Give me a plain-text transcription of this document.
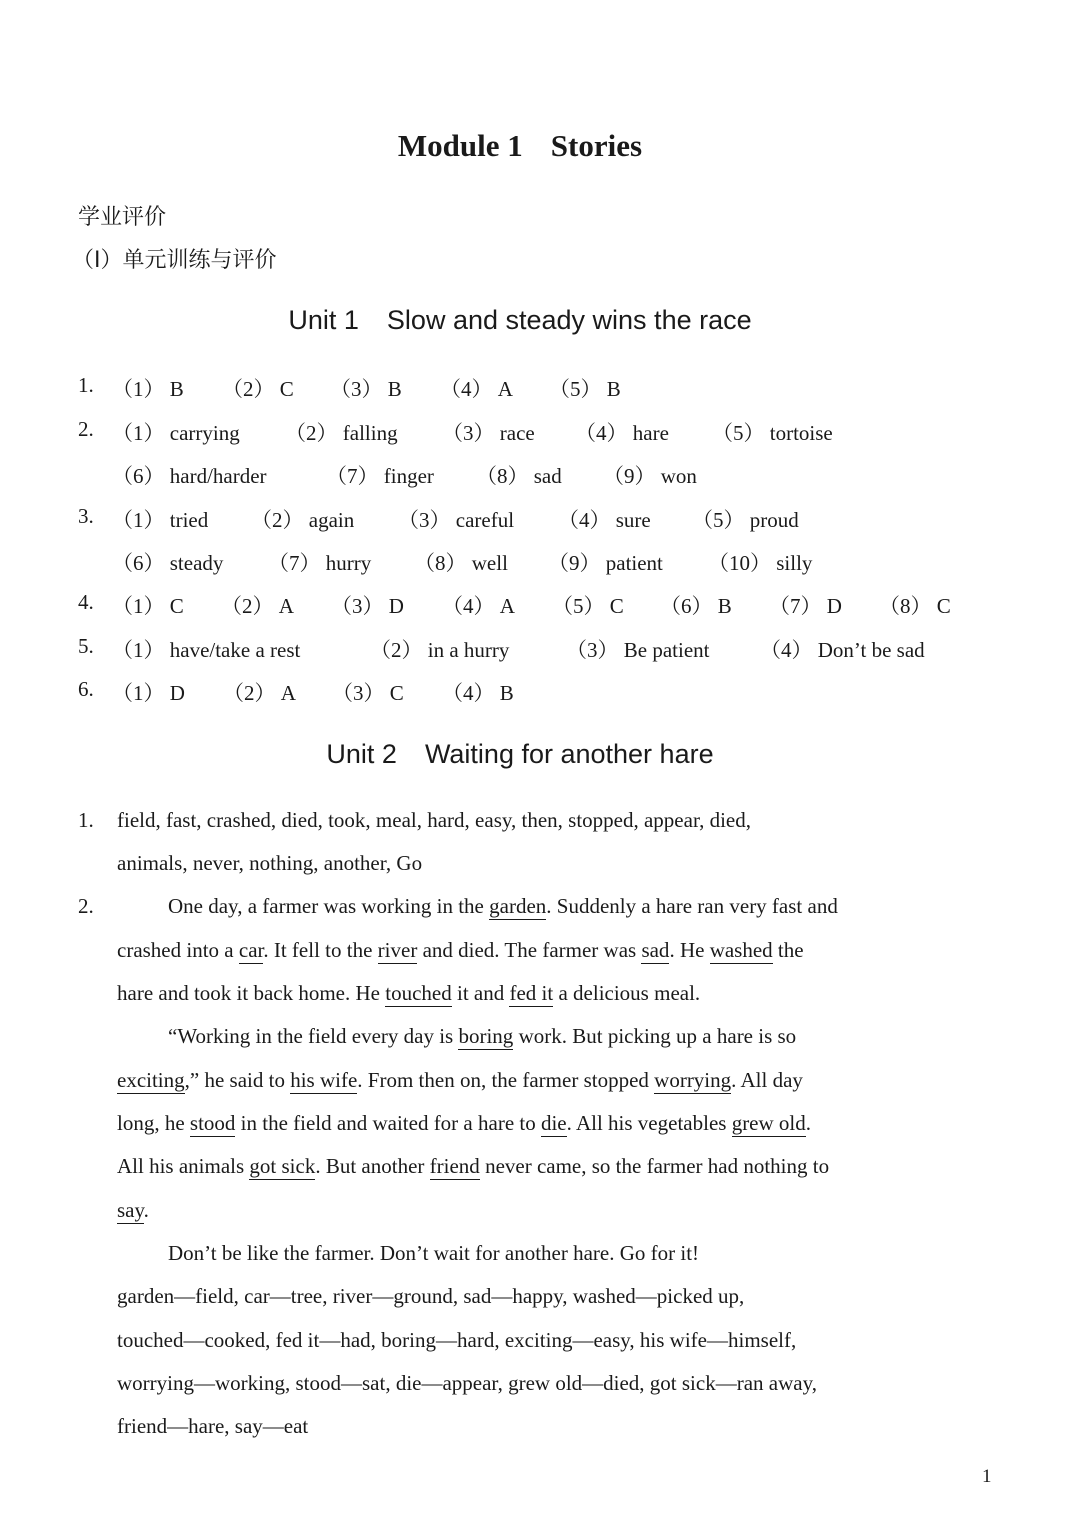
Module 1 Stories
学业评价
（Ⅰ）单元训练与评价
Unit 1 Slow and steady wins the race
1. （1） B （2） C （3） B （4） A （5） B
2. （1） carrying （2） falling （3） race （4） hare （5） tortoise
（6） hard/harder	（7） finger （8） sad （9） won
3. （1） tried （2） again （3） careful （4） sure （5） proud
（6） steady （7） hurry （8） well （9） patient （10） silly
4. （1） C （2） A （3） D （4） A （5） C （6） B （7） D （8） C
5. （1） have/take a rest	（2） in a hurry	（3） Be patient （4） Don’t be sad
6. （1） D （2） A （3） C （4） B
Unit 2 Waiting for another hare
1. field, fast, crashed, died, took, meal, hard, easy, then, stopped, appear, died,
animals, never, nothing, another, Go
2.	One day, a farmer was working in the garden. Suddenly a hare ran very fast and
crashed into a car. It fell to the river and died. The farmer was sad. He washed the
hare and took it back home. He touched it and fed it a delicious meal.
“Working in the field every day is boring work. But picking up a hare is so
exciting,” he said to his wife. From then on, the farmer stopped worrying. All day
long, he stood in the field and waited for a hare to die. All his vegetables grew old.
All his animals got sick. But another friend never came, so the farmer had nothing to
say.
Don’t be like the farmer. Don’t wait for another hare. Go for it!
garden—field, car—tree, river—ground, sad—happy, washed—picked up,
touched—cooked, fed it—had, boring—hard, exciting—easy, his wife—himself,
worrying—working, stood—sat, die—appear, grew old—died, got sick—ran away,
friend—hare, say—eat
1
